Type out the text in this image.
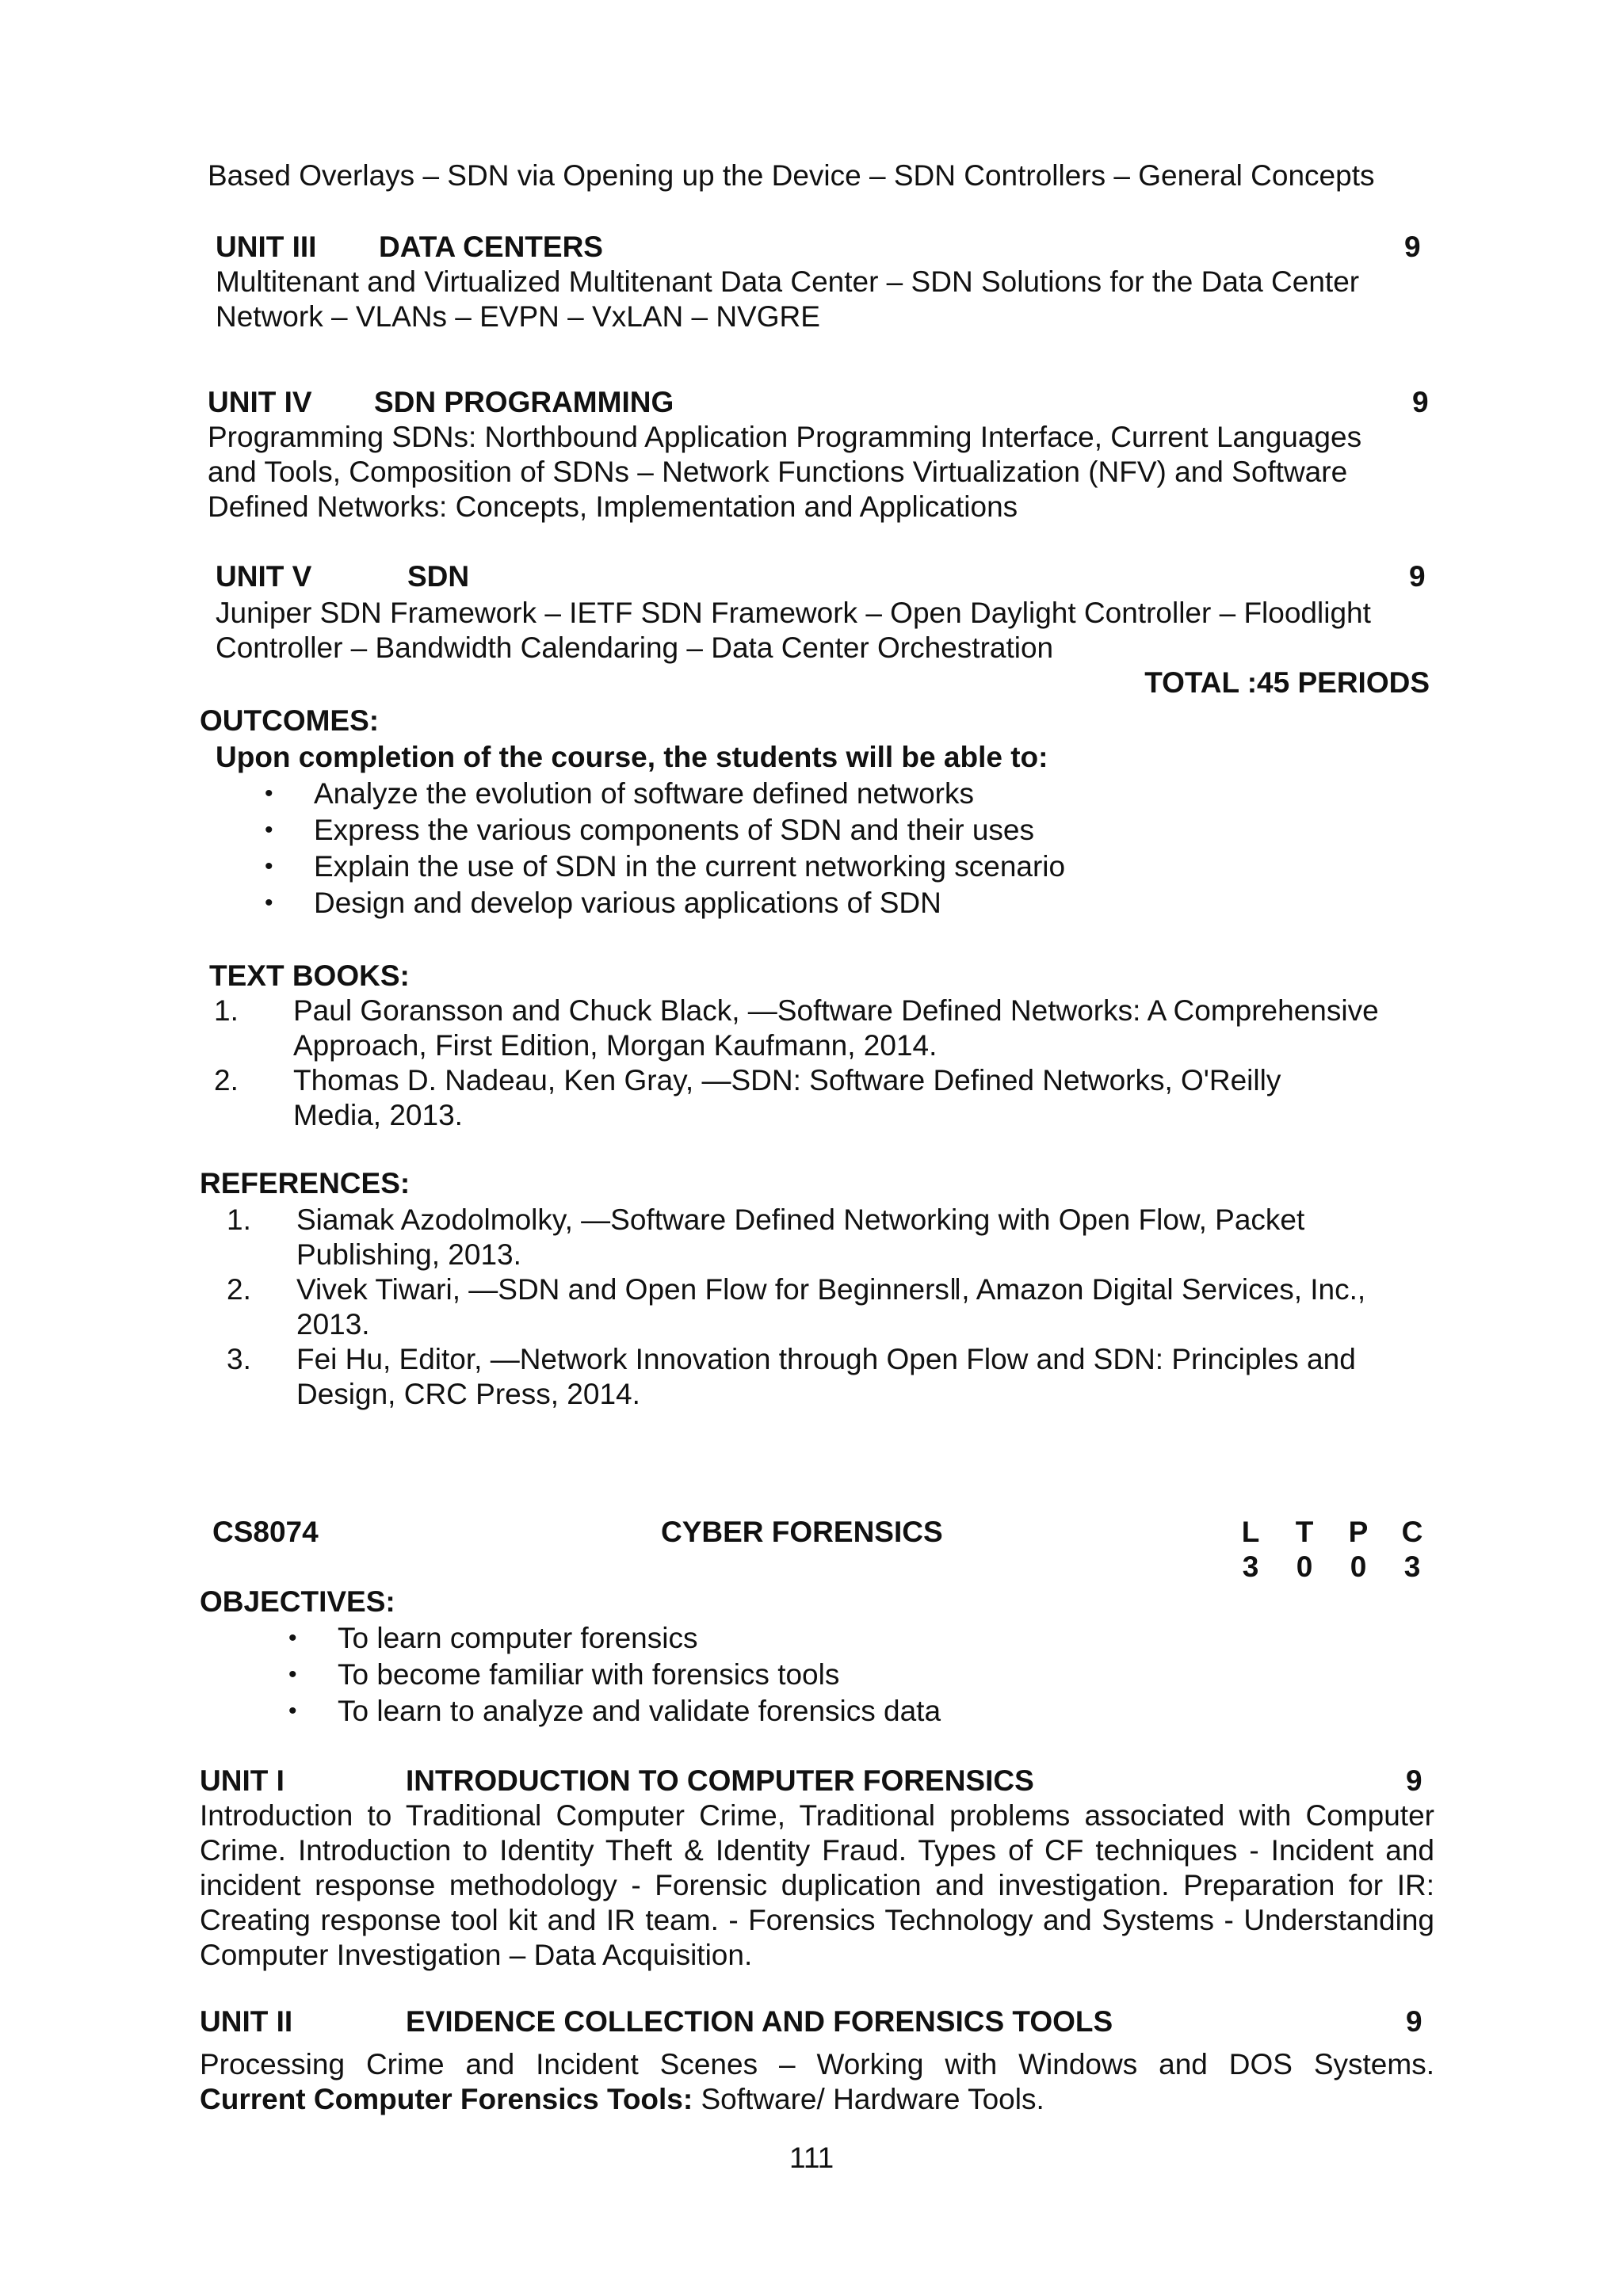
Based Overlays – SDN via Opening up the Device – SDN Controllers – General Concepts
UNIT III DATA CENTERS	9
Multitenant and Virtualized Multitenant Data Center – SDN Solutions for the Data Center
Network – VLANs – EVPN – VxLAN – NVGRE
UNIT IV SDN PROGRAMMING	9
Programming SDNs: Northbound Application Programming Interface, Current Languages
and Tools, Composition of SDNs – Network Functions Virtualization (NFV) and Software
Defined Networks: Concepts, Implementation and Applications
UNIT V	SDN	9
Juniper SDN Framework – IETF SDN Framework – Open Daylight Controller – Floodlight
Controller – Bandwidth Calendaring – Data Center Orchestration
TOTAL :45 PERIODS
OUTCOMES:
Upon completion of the course, the students will be able to:
• Analyze the evolution of software defined networks
• Express the various components of SDN and their uses
• Explain the use of SDN in the current networking scenario
• Design and develop various applications of SDN
TEXT BOOKS:
1. Paul Goransson and Chuck Black, ―Software Defined Networks: A Comprehensive
Approach, First Edition, Morgan Kaufmann, 2014.
2. Thomas D. Nadeau, Ken Gray, ―SDN: Software Defined Networks, O'Reilly
Media, 2013.
REFERENCES:
1. Siamak Azodolmolky, ―Software Defined Networking with Open Flow, Packet
Publishing, 2013.
2. Vivek Tiwari, ―SDN and Open Flow for Beginners‖, Amazon Digital Services, Inc.,
2013.
3. Fei Hu, Editor, ―Network Innovation through Open Flow and SDN: Principles and
Design, CRC Press, 2014.
CS8074	CYBER FORENSICS	L T P C
3 0 0 3
OBJECTIVES:
• To learn computer forensics
• To become familiar with forensics tools
• To learn to analyze and validate forensics data
UNIT I	INTRODUCTION TO COMPUTER FORENSICS	9
Introduction to Traditional Computer Crime, Traditional problems associated with Computer Crime. Introduction to Identity Theft & Identity Fraud. Types of CF techniques - Incident and incident response methodology - Forensic duplication and investigation. Preparation for IR: Creating response tool kit and IR team. - Forensics Technology and Systems - Understanding Computer Investigation – Data Acquisition.
UNIT II	EVIDENCE COLLECTION AND FORENSICS TOOLS	9
Processing Crime and Incident Scenes – Working with Windows and DOS Systems.
Current Computer Forensics Tools: Software/ Hardware Tools.
111
